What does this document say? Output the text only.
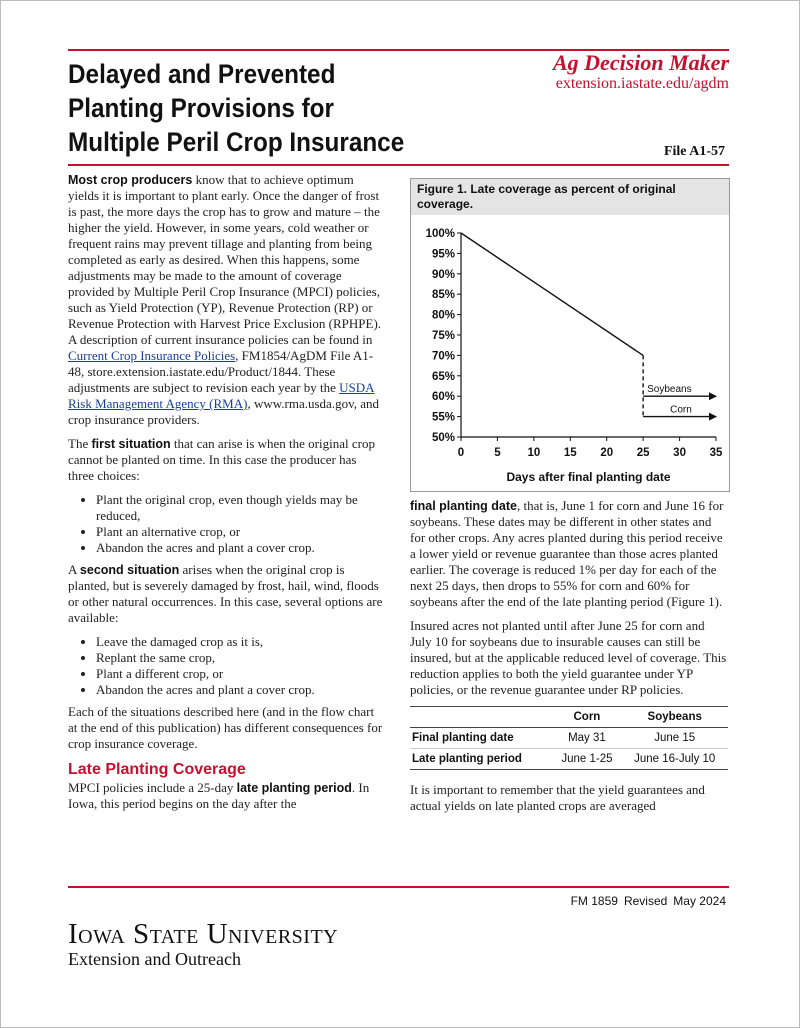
Delayed and Prevented
Planting Provisions for
Multiple Peril Crop Insurance
Ag Decision Maker
extension.iastate.edu/agdm
File A1-57

Most crop producers know that to achieve optimum yields it is important to plant early. Once the danger of frost is past, the more days the crop has to grow and mature – the higher the yield. However, in some years, cold weather or frequent rains may prevent tillage and planting from being completed as early as desired. When this happens, some adjustments may be made to the amount of coverage provided by Multiple Peril Crop Insurance (MPCI) policies, such as Yield Protection (YP), Revenue Protection (RP) or Revenue Protection with Harvest Price Exclusion (RPHPE). A description of current insurance policies can be found in Current Crop Insurance Policies, FM1854/AgDM File A1-48, store.extension.iastate.edu/Product/1844. These adjustments are subject to revision each year by the USDA Risk Management Agency (RMA), www.rma.usda.gov, and crop insurance providers.

The first situation that can arise is when the original crop cannot be planted on time. In this case the producer has three choices:

• Plant the original crop, even though yields may be reduced,
• Plant an alternative crop, or
• Abandon the acres and plant a cover crop.

A second situation arises when the original crop is planted, but is severely damaged by frost, hail, wind, floods or other natural occurrences. In this case, several options are available:

• Leave the damaged crop as it is,
• Replant the same crop,
• Plant a different crop, or
• Abandon the acres and plant a cover crop.

Each of the situations described here (and in the flow chart at the end of this publication) has different consequences for crop insurance coverage.

Late Planting Coverage

MPCI policies include a 25-day late planting period. In Iowa, this period begins on the day after the

Figure 1. Late coverage as percent of original coverage.
50%
55%
60%
65%
70%
75%
80%
85%
90%
95%
100%
0	5 10 15 20 25 30 35
Days after final planting date
Soybeans
Corn

final planting date, that is, June 1 for corn and June 16 for soybeans. These dates may be different in other states and for other crops. Any acres planted during this period receive a lower yield or revenue guarantee than those acres planted earlier. The coverage is reduced 1% per day for each of the next 25 days, then drops to 55% for corn and 60% for soybeans after the end of the late planting period (Figure 1).

Insured acres not planted until after June 25 for corn and July 10 for soybeans due to insurable causes can still be insured, but at the applicable reduced level of coverage. This reduction applies to both the yield guarantee under YP policies, or the revenue guarantee under RP policies.

	Corn	Soybeans
Final planting date	May 31	June 15
Late planting period	June 1-25	June 16-July 10

It is important to remember that the yield guarantees and actual yields on late planted crops are averaged

FM 1859 Revised May 2024
Iowa State University
Extension and Outreach
